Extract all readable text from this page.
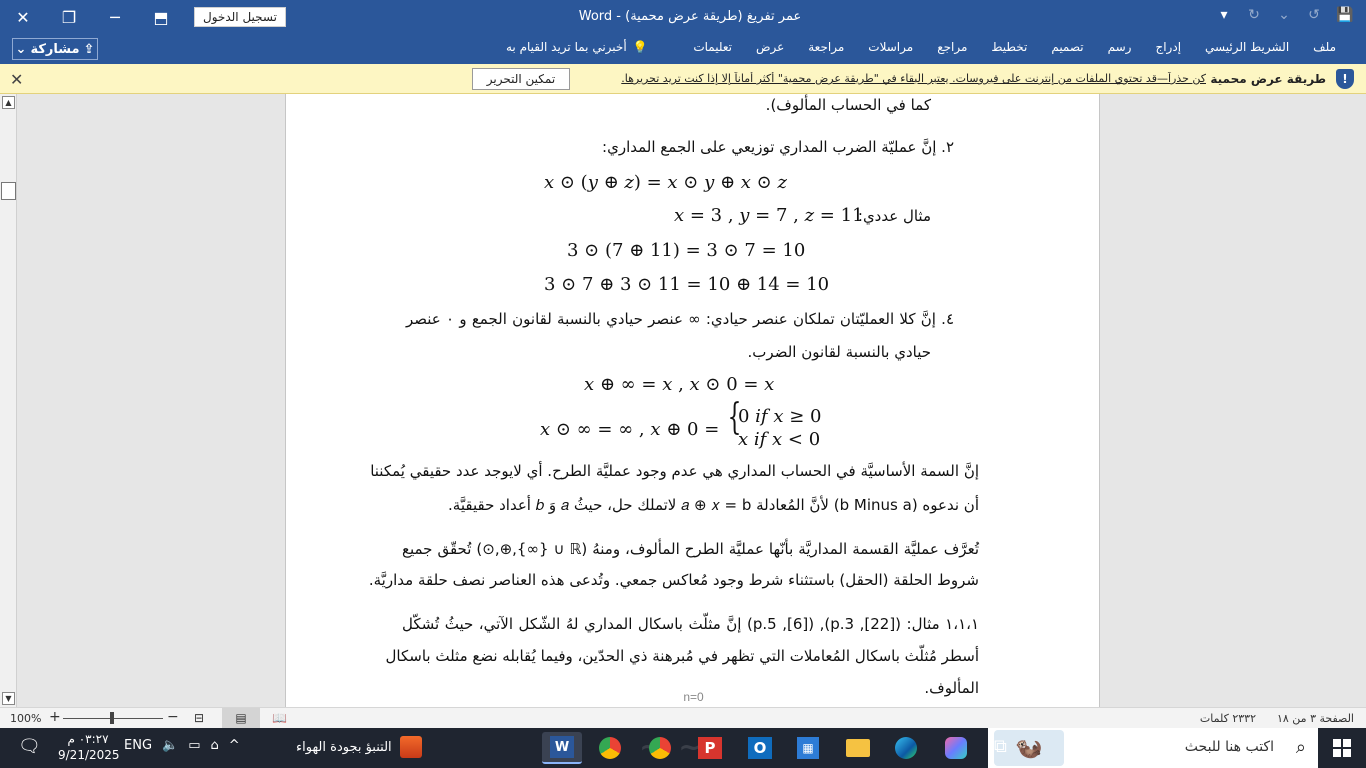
✕	❐	─	⬒	تسجيل الدخول	عمر تفريغ (طريقة عرض محمية) - Word	▾	↻ ⌄ ↺ 💾
⌄ مشاركة ⇪	💡
أخبرني بما تريد القيام به	ملف
الشريط الرئيسي
إدراج
رسم
تصميم
تخطيط
مراجع
مراسلات
مراجعة
عرض
تعليمات
!
طريقة عرض محمية
كن حذراً—قد تحتوي الملفات من إنترنت على فيروسات. يعتبر البقاء في "طريقة عرض محمية" أكثر أماناً إلا إذا كنت تريد تحريرها.
تمكين التحرير
✕
▲
▼
كما في الحساب المألوف).
٢. إنَّ عمليّة الضرب المداري توزيعي على الجمع المداري:
𝑥 ⊙ (𝑦 ⊕ 𝑧) = 𝑥 ⊙ 𝑦 ⊕ 𝑥 ⊙ 𝑧
مثال عددي:
𝑥 = 3 , 𝑦 = 7 , 𝑧 = 11
3 ⊙ (7 ⊕ 11) = 3 ⊙ 7 = 10
3 ⊙ 7 ⊕ 3 ⊙ 11 = 10 ⊕ 14 = 10
٤. إنَّ كلا العمليّتان تملكان عنصر حيادي: ∞ عنصر حيادي بالنسبة لقانون الجمع و ٠ عنصر
حيادي بالنسبة لقانون الضرب.
𝑥 ⊕ ∞ = 𝑥 , 𝑥 ⊙ 0 = 𝑥
𝑥 ⊙ ∞ = ∞ , 𝑥 ⊕ 0 = {
0 𝑖𝑓 𝑥 ≥ 0
𝑥 𝑖𝑓 𝑥 < 0
إنَّ السمة الأساسيَّة في الحساب المداري هي عدم وجود عمليَّة الطرح. أي لايوجد عدد حقيقي يُمكننا
أن ندعوه (b Minus a) لأنَّ المُعادلة 𝑎 ⊕ 𝑥 = b لاتملك حل، حيثُ 𝑎 وَ 𝑏 أعداد حقيقيَّة.
تُعرَّف عمليَّة القسمة المداريَّة بأنّها عمليَّة الطرح المألوف، ومنهُ (ℝ ∪ {∞},⊕,⊙) تُحقّق جميع
شروط الحلقة (الحقل) باستثناء شرط وجود مُعاكس جمعي. وتُدعى هذه العناصر نصف حلقة مداريَّة.
١،١،١ مثال: ([22], p.3), ([6], p.5) إنَّ مثلّث باسكال المداري لهُ الشّكل الآتي، حيثُ تُشكّل
أسطر مُثلّث باسكال المُعاملات التي تظهر في مُبرهنة ذي الحدّين، وفيما يُقابله نضع مثلث باسكال
المألوف.
n=0
الصفحة ٣ من ١٨
٢٣٣٢ كلمات
100% +	− ⊟	▤	📖
~	⌕
اكتب هنا للبحث
🦦
⧉
▦
O
P
W
التنبؤ بجودة الهواء
ENG 🔈 ▭ ⌂ ^
٠٣:٢٧ م
9/21/2025
🗨
